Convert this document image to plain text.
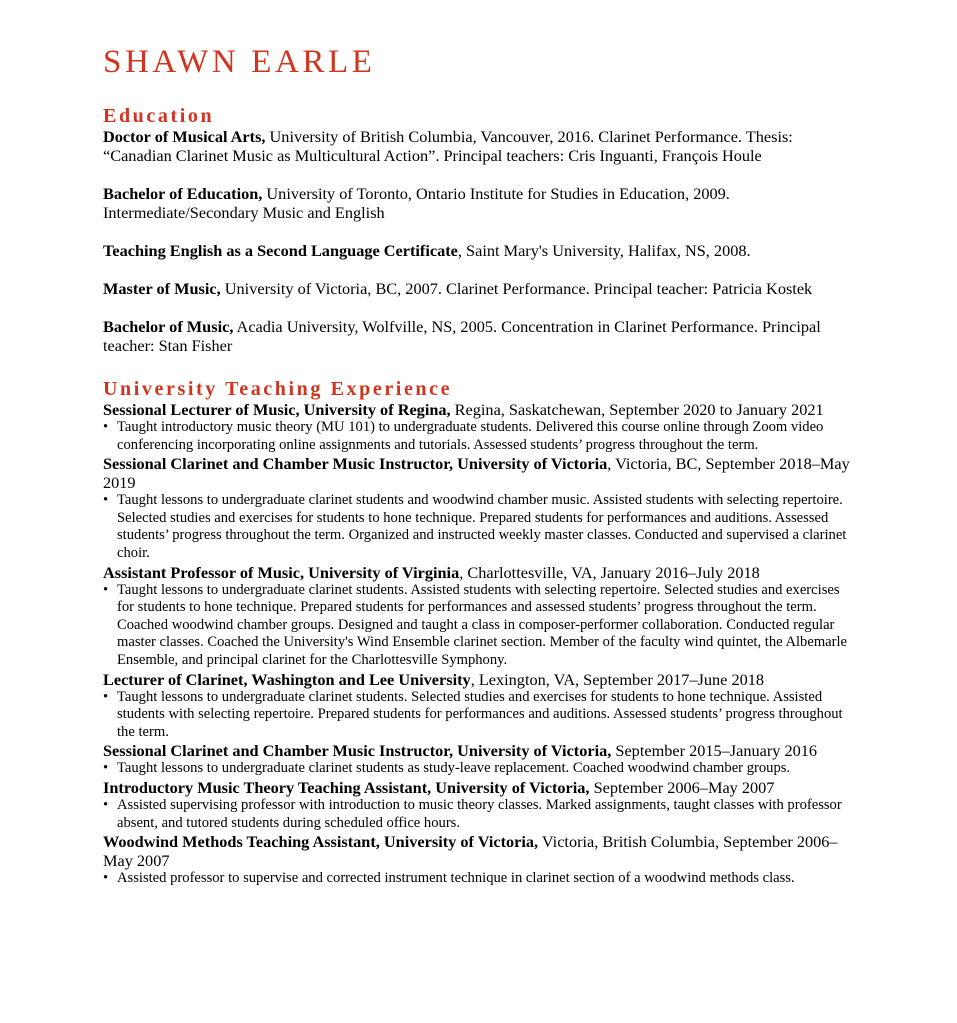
SHAWN EARLE
Education

Doctor of Musical Arts, University of British Columbia, Vancouver, 2016. Clarinet Performance. Thesis: “Canadian Clarinet Music as Multicultural Action”. Principal teachers: Cris Inguanti, François Houle

Bachelor of Education, University of Toronto, Ontario Institute for Studies in Education, 2009. Intermediate/Secondary Music and English

Teaching English as a Second Language Certificate, Saint Mary's University, Halifax, NS, 2008.

Master of Music, University of Victoria, BC, 2007. Clarinet Performance. Principal teacher: Patricia Kostek

Bachelor of Music, Acadia University, Wolfville, NS, 2005. Concentration in Clarinet Performance. Principal teacher: Stan Fisher

University Teaching Experience

Sessional Lecturer of Music, University of Regina, Regina, Saskatchewan, September 2020 to January 2021

• Taught introductory music theory (MU 101) to undergraduate students. Delivered this course online through Zoom video conferencing incorporating online assignments and tutorials. Assessed students’ progress throughout the term.

Sessional Clarinet and Chamber Music Instructor, University of Victoria, Victoria, BC, September 2018–May 2019

• Taught lessons to undergraduate clarinet students and woodwind chamber music. Assisted students with selecting repertoire. Selected studies and exercises for students to hone technique. Prepared students for performances and auditions. Assessed students’ progress throughout the term. Organized and instructed weekly master classes. Conducted and supervised a clarinet choir.

Assistant Professor of Music, University of Virginia, Charlottesville, VA, January 2016–July 2018

• Taught lessons to undergraduate clarinet students. Assisted students with selecting repertoire. Selected studies and exercises for students to hone technique. Prepared students for performances and assessed students’ progress throughout the term. Coached woodwind chamber groups. Designed and taught a class in composer-performer collaboration. Conducted regular master classes. Coached the University's Wind Ensemble clarinet section. Member of the faculty wind quintet, the Albemarle Ensemble, and principal clarinet for the Charlottesville Symphony.

Lecturer of Clarinet, Washington and Lee University, Lexington, VA, September 2017–June 2018

• Taught lessons to undergraduate clarinet students. Selected studies and exercises for students to hone technique. Assisted students with selecting repertoire. Prepared students for performances and auditions. Assessed students’ progress throughout the term.

Sessional Clarinet and Chamber Music Instructor, University of Victoria, September 2015–January 2016

• Taught lessons to undergraduate clarinet students as study-leave replacement. Coached woodwind chamber groups.

Introductory Music Theory Teaching Assistant, University of Victoria, September 2006–May 2007

• Assisted supervising professor with introduction to music theory classes. Marked assignments, taught classes with professor absent, and tutored students during scheduled office hours.

Woodwind Methods Teaching Assistant, University of Victoria, Victoria, British Columbia, September 2006–May 2007

• Assisted professor to supervise and corrected instrument technique in clarinet section of a woodwind methods class.
